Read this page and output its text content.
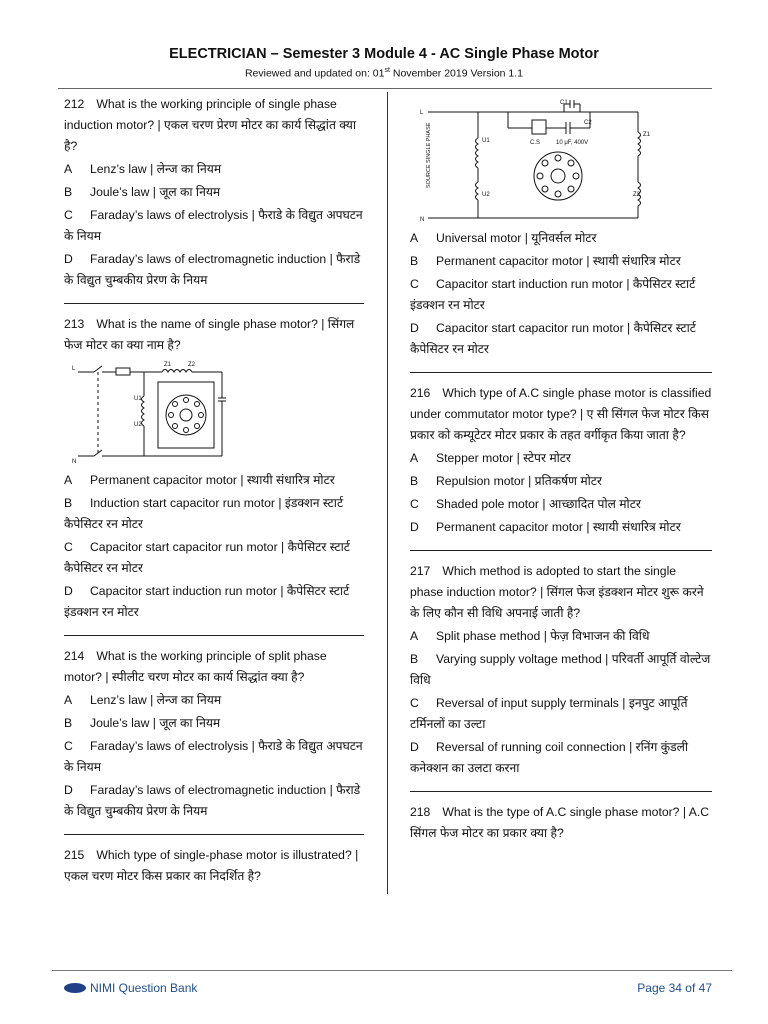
ELECTRICIAN – Semester 3 Module 4 - AC Single Phase Motor
Reviewed and updated on: 01st November 2019 Version 1.1
212 What is the working principle of single phase induction motor? | एकल चरण प्रेरण मोटर का कार्य सिद्धांत क्या है?
A Lenz’s law | लेन्ज का नियम
B Joule’s law | जूल का नियम
C Faraday’s laws of electrolysis | फैराडे के विद्युत अपघटन के नियम
D Faraday’s laws of electromagnetic induction | फैराडे के विद्युत चुम्बकीय प्रेरण के नियम
213 What is the name of single phase motor? | सिंगल फेज मोटर का क्या नाम है?
L
N
Z1	Z2
U1
U2
A Permanent capacitor motor | स्थायी संधारित्र मोटर
B Induction start capacitor run motor | इंडक्शन स्टार्ट कैपेसिटर रन मोटर
C Capacitor start capacitor run motor | कैपेसिटर स्टार्ट कैपेसिटर रन मोटर
D Capacitor start induction run motor | कैपेसिटर स्टार्ट इंडक्शन रन मोटर
214 What is the working principle of split phase motor? | स्पीलीट चरण मोटर का कार्य सिद्धांत क्या है?
A Lenz’s law | लेन्ज का नियम
B Joule’s law | जूल का नियम
C Faraday’s laws of electrolysis | फैराडे के विद्युत अपघटन के नियम
D Faraday’s laws of electromagnetic induction | फैराडे के विद्युत चुम्बकीय प्रेरण के नियम
215 Which type of single-phase motor is illustrated? | एकल चरण मोटर किस प्रकार का निदर्शित है?
L
N
SOURCE SINGLE PHASE
C1
C2
C.S	10 μF, 400V
U1
U2
Z1
Z2
A Universal motor | यूनिवर्सल मोटर
B Permanent capacitor motor | स्थायी संधारित्र मोटर
C Capacitor start induction run motor | कैपेसिटर स्टार्ट इंडक्शन रन मोटर
D Capacitor start capacitor run motor | कैपेसिटर स्टार्ट कैपेसिटर रन मोटर
216 Which type of A.C single phase motor is classified under commutator motor type? | ए सी सिंगल फेज मोटर किस प्रकार को कम्यूटेटर मोटर प्रकार के तहत वर्गीकृत किया जाता है?
A Stepper motor | स्टेपर मोटर
B Repulsion motor | प्रतिकर्षण मोटर
C Shaded pole motor | आच्छादित पोल मोटर
D Permanent capacitor motor | स्थायी संधारित्र मोटर
217 Which method is adopted to start the single phase induction motor? | सिंगल फेज इंडक्शन मोटर शुरू करने के लिए कौन सी विधि अपनाई जाती है?
A Split phase method | फेज़ विभाजन की विधि
B Varying supply voltage method | परिवर्ती आपूर्ति वोल्टेज विधि
C Reversal of input supply terminals | इनपुट आपूर्ति टर्मिनलों का उल्टा
D Reversal of running coil connection | रनिंग कुंडली कनेक्शन का उलटा करना
218 What is the type of A.C single phase motor? | A.C सिंगल फेज मोटर का प्रकार क्या है?
NIMI Question Bank	Page 34 of 47
